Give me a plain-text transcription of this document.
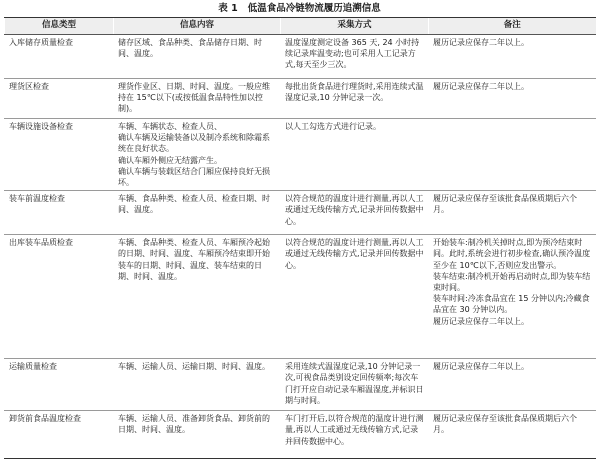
表 1 低温食品冷链物流履历追溯信息
信息类型	信息内容	采集方式	备注
入库储存质量检查	储存区域、食品种类、食品储存日期、时间、温度。	温度湿度测定设备 365 天, 24 小时持续记录库温变动;也可采用人工记录方式,每天至少三次。	履历记录应保存二年以上。

理货区检查	理货作业区、日期、时间、温度。一般应维持在 15℃以下(或按低温食品特性加以控制)。	每批出货食品进行理货时,采用连续式温湿度记录,10 分钟记录一次。	履历记录应保存二年以上。

车辆设施设备检查	车辆、车辆状态、检查人员、
确认车辆及运输装备以及制冷系统和除霜系统在良好状态。
确认车厢外侧应无结露产生。
确认车辆与装载区结合门厢应保持良好无损坏。	以人工勾选方式进行记录。	

装车前温度检查	车辆、食品种类、检查人员、检查日期、时间、温度。	以符合规范的温度计进行测量,再以人工或通过无线传输方式,记录并回传数据中心。	履历记录应保存至该批食品保质期后六个月。

出库装车品质检查	车辆、食品种类、检查人员、车厢预冷起始的日期、时间、温度、车厢预冷结束即开始装车的日期、时间、温度、装车结束的日期、时间、温度。	以符合规范的温度计进行测量,再以人工或通过无线传输方式,记录并回传数据中心。	开始装车:制冷机关掉时点,即为预冷结束时间。此时,系统会进行初步检查,确认预冷温度至少在 10℃以下,否则应发出警示。
装车结束:制冷机开始再启动时点,即为装车结束时间。
装车时间:冷冻食品宜在 15 分钟以内;冷藏食品宜在 30 分钟以内。
履历记录应保存二年以上。

运输质量检查	车辆、运输人员、运输日期、时间、温度。	采用连续式温湿度记录,10 分钟记录一次,可视食品类别设定回传频率;每次车门打开应自动记录车厢温湿度,并标识日期与时间。	履历记录应保存二年以上。

卸货前食品温度检查	车辆、运输人员、准备卸货食品、卸货前的日期、时间、温度。	车门打开后,以符合规范的温度计进行测量,再以人工或通过无线传输方式,记录并回传数据中心。	履历记录应保存至该批食品保质期后六个月。
